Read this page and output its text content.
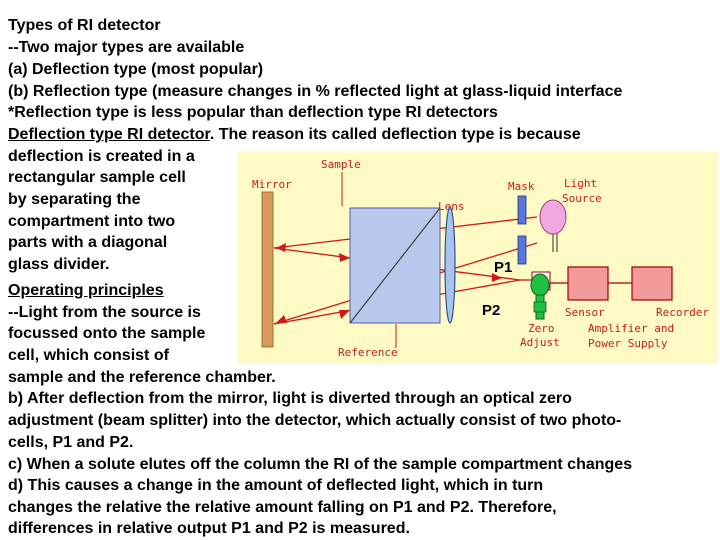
Types of RI detector
--Two major types are available
(a) Deflection type (most popular)
(b) Reflection type (measure changes in % reflected light at glass-liquid interface
*Reflection type is less popular than deflection type RI detectors
Deflection type RI detector. The reason its called deflection type is because
deflection is created in a
rectangular sample cell
by separating the
compartment into two
parts with a diagonal
glass divider.
Operating principles
--Light from the source is
focussed onto the sample
cell, which consist of
sample and the reference chamber.
b) After deflection from the mirror, light is diverted through an optical zero
adjustment (beam splitter) into the detector, which actually consist of two photo-
cells, P1 and P2.
c) When a solute elutes off the column the RI of the sample compartment changes
d) This causes a change in the amount of deflected light, which in turn
changes the relative the relative amount falling on P1 and P2. Therefore,
differences in relative output P1 and P2 is measured.
Sample
Mirror
Lens
Mask	Light
Source
P1
P2
Zero
Adjust
Sensor
Amplifier and
Power Supply
Recorder
Reference
